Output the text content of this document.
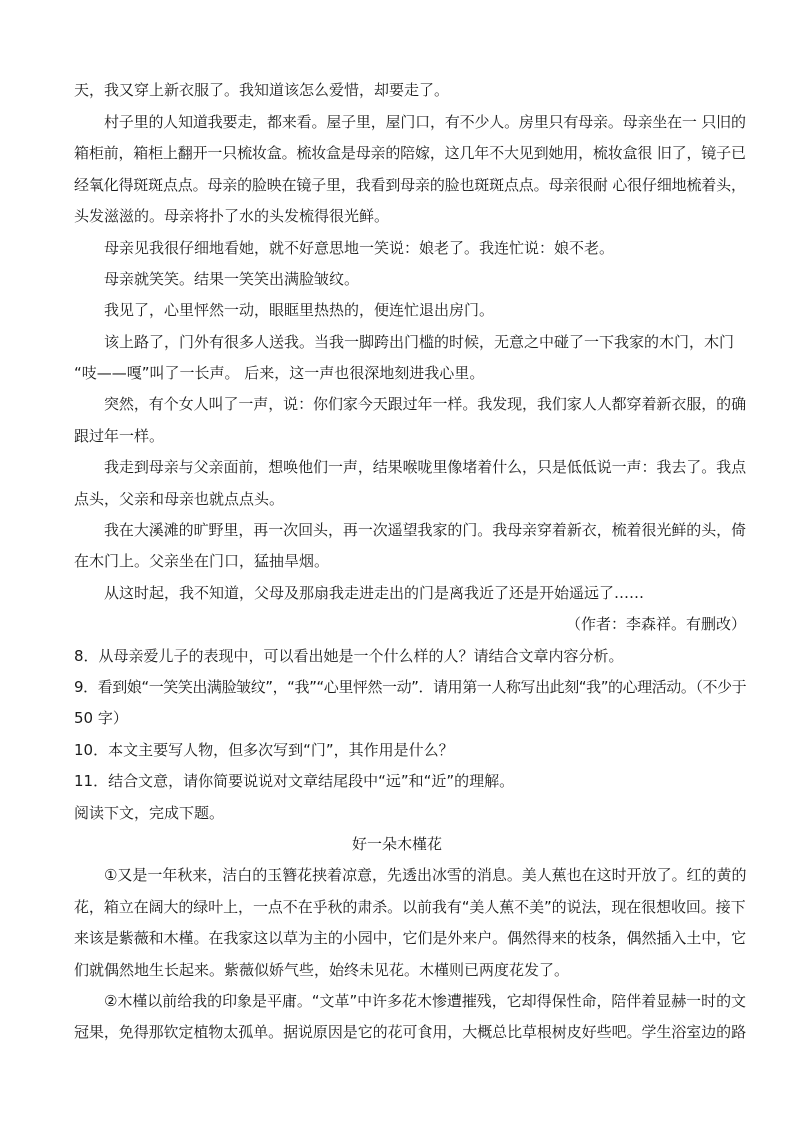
天，我又穿上新衣服了。我知道该怎么爱惜，却要走了。
村子里的人知道我要走，都来看。屋子里，屋门口，有不少人。房里只有母亲。母亲坐在一 只旧的
箱柜前，箱柜上翻开一只梳妆盒。梳妆盒是母亲的陪嫁，这几年不大见到她用，梳妆盒很 旧了，镜子已
经氧化得斑斑点点。母亲的脸映在镜子里，我看到母亲的脸也斑斑点点。母亲很耐 心很仔细地梳着头，
头发滋滋的。母亲将扑了水的头发梳得很光鲜。
母亲见我很仔细地看她，就不好意思地一笑说：娘老了。我连忙说：娘不老。
母亲就笑笑。结果一笑笑出满脸皱纹。
我见了，心里怦然一动，眼眶里热热的，便连忙退出房门。
该上路了，门外有很多人送我。当我一脚跨出门槛的时候，无意之中碰了一下我家的木门，木门
“吱——嘎”叫了一长声。 后来，这一声也很深地刻进我心里。
突然，有个女人叫了一声，说：你们家今天跟过年一样。我发现，我们家人人都穿着新衣服，的确
跟过年一样。
我走到母亲与父亲面前，想唤他们一声，结果喉咙里像堵着什么，只是低低说一声：我去了。我点
点头，父亲和母亲也就点点头。
我在大溪滩的旷野里，再一次回头，再一次遥望我家的门。我母亲穿着新衣，梳着很光鲜的头，倚
在木门上。父亲坐在门口，猛抽旱烟。
从这时起，我不知道，父母及那扇我走进走出的门是离我近了还是开始遥远了……
（作者：李森祥。有删改）
8．从母亲爱儿子的表现中，可以看出她是一个什么样的人？请结合文章内容分析。
9．看到娘“一笑笑出满脸皱纹”，“我”“心里怦然一动”．请用第一人称写出此刻“我”的心理活动。（不少于
50 字）
10．本文主要写人物，但多次写到“门”，其作用是什么？
11．结合文意，请你简要说说对文章结尾段中“远”和“近”的理解。
阅读下文，完成下题。
好一朵木槿花
①又是一年秋来，洁白的玉簪花挟着凉意，先透出冰雪的消息。美人蕉也在这时开放了。红的黄的
花，箱立在阔大的绿叶上，一点不在乎秋的肃杀。以前我有“美人蕉不美”的说法，现在很想收回。接下
来该是紫薇和木槿。在我家这以草为主的小园中，它们是外来户。偶然得来的枝条，偶然插入土中，它
们就偶然地生长起来。紫薇似娇气些，始终未见花。木槿则已两度花发了。
②木槿以前给我的印象是平庸。“文革”中许多花木惨遭摧残，它却得保性命，陪伴着显赫一时的文
冠果，免得那钦定植物太孤单。据说原因是它的花可食用，大概总比草根树皮好些吧。学生浴室边的路
